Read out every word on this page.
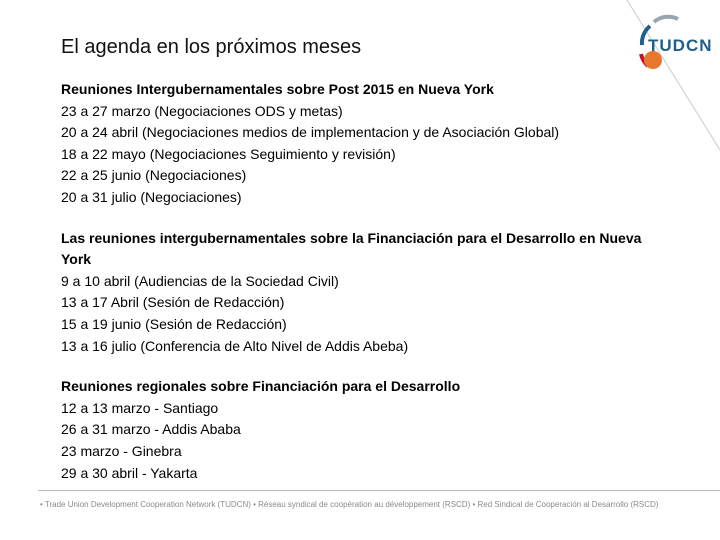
El agenda en los próximos meses	TUDCN
Reuniones Intergubernamentales sobre Post 2015 en Nueva York
23 a 27 marzo (Negociaciones ODS y metas)
20 a 24 abril (Negociaciones medios de implementacion y de Asociación Global)
18 a 22 mayo (Negociaciones Seguimiento y revisión)
22 a 25 junio (Negociaciones)
20 a 31 julio (Negociaciones)
Las reuniones intergubernamentales sobre la Financiación para el Desarrollo en Nueva York
9 a 10 abril (Audiencias de la Sociedad Civil)
13 a 17 Abril (Sesión de Redacción)
15 a 19 junio (Sesión de Redacción)
13 a 16 julio (Conferencia de Alto Nivel de Addis Abeba)
Reuniones regionales sobre Financiación para el Desarrollo
12 a 13 marzo - Santiago
26 a 31 marzo - Addis Ababa
23 marzo - Ginebra
29 a 30 abril - Yakarta
• Trade Union Development Cooperation Network (TUDCN) • Réseau syndical de coopération au développement (RSCD) • Red Sindical de Cooperación al Desarrollo (RSCD)
